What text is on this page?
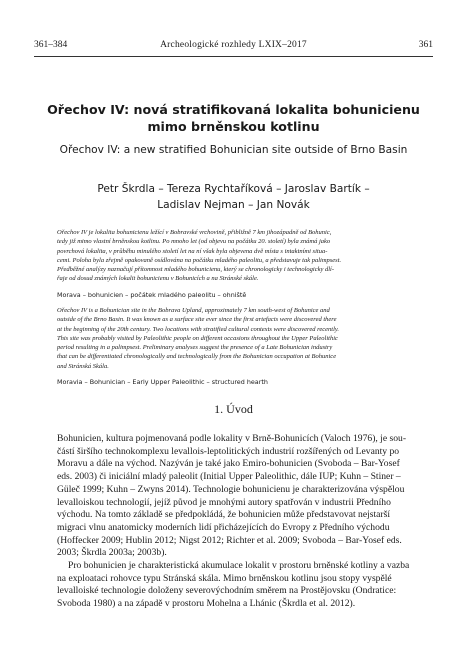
361–384	Archeologické rozhledy LXIX–2017	361
Ořechov IV: nová stratifikovaná lokalita bohunicienu
mimo brněnskou kotlinu
Ořechov IV: a new stratified Bohunician site outside of Brno Basin
Petr Škrdla – Tereza Rychtaříková – Jaroslav Bartík –
Ladislav Nejman – Jan Novák
Ořechov IV je lokalita bohunicienu ležící v Bobravské vrchovině, přibližně 7 km jihozápadně od Bohunic,
tedy již mimo vlastní brněnskou kotlinu. Po mnoho let (od objevu na počátku 20. století) byla známá jako
povrchová lokalita, v průběhu minulého století let na ní však byla objevena dvě místa s intaktními situa-
cemi. Poloha byla zřejmě opakovaně osídlována na počátku mladého paleolitu, a představuje tak palimpsest.
Předběžné analýzy naznačují přítomnost mladého bohunicienu, který se chronologicky i technologicky dlí-
řaje od dosud známých lokalit bohunicienu v Bohunicích a na Stránské skále.
Morava – bohunicien – počátek mladého paleolitu – ohniště
Ořechov IV is a Bohunician site in the Bobrava Upland, approximately 7 km south-west of Bohunice and
outside of the Brno Basin. It was known as a surface site ever since the first artefacts were discovered there
at the beginning of the 20th century. Two locations with stratified cultural contexts were discovered recently.
This site was probably visited by Paleolithic people on different occasions throughout the Upper Paleolithic
period resulting in a palimpsest. Preliminary analyses suggest the presence of a Late Bohunician industry
that can be differentiated chronologically and technologically from the Bohunician occupation at Bohunice
and Stránská Skála.
Moravia – Bohunician – Early Upper Paleolithic – structured hearth
1. Úvod
Bohunicien, kultura pojmenovaná podle lokality v Brně-Bohunicích (Valoch 1976), je sou-
částí širšího technokomplexu levallois-leptolitických industrií rozšířených od Levanty po
Moravu a dále na východ. Nazýván je také jako Emiro-bohunicien (Svoboda – Bar-Yosef
eds. 2003) či iniciální mladý paleolit (Initial Upper Paleolithic, dále IUP; Kuhn – Stiner –
Güleč 1999; Kuhn – Zwyns 2014). Technologie bohunicienu je charakterizována výspělou
levalloiskou technologií, jejíž původ je mnohými autory spatřován v industrii Předního
východu. Na tomto základě se předpokládá, že bohunicien může představovat nejstarší
migraci vlnu anatomicky moderních lidí přicházejících do Evropy z Předního východu
(Hoffecker 2009; Hublin 2012; Nigst 2012; Richter et al. 2009; Svoboda – Bar-Yosef eds.
2003; Škrdla 2003a; 2003b).
Pro bohunicien je charakteristická akumulace lokalit v prostoru brněnské kotliny a vazba
na exploataci rohovce typu Stránská skála. Mimo brněnskou kotlinu jsou stopy vyspělé
levalloiské technologie doloženy severovýchodním směrem na Prostějovsku (Ondratice:
Svoboda 1980) a na západě v prostoru Mohelna a Lhánic (Škrdla et al. 2012).
